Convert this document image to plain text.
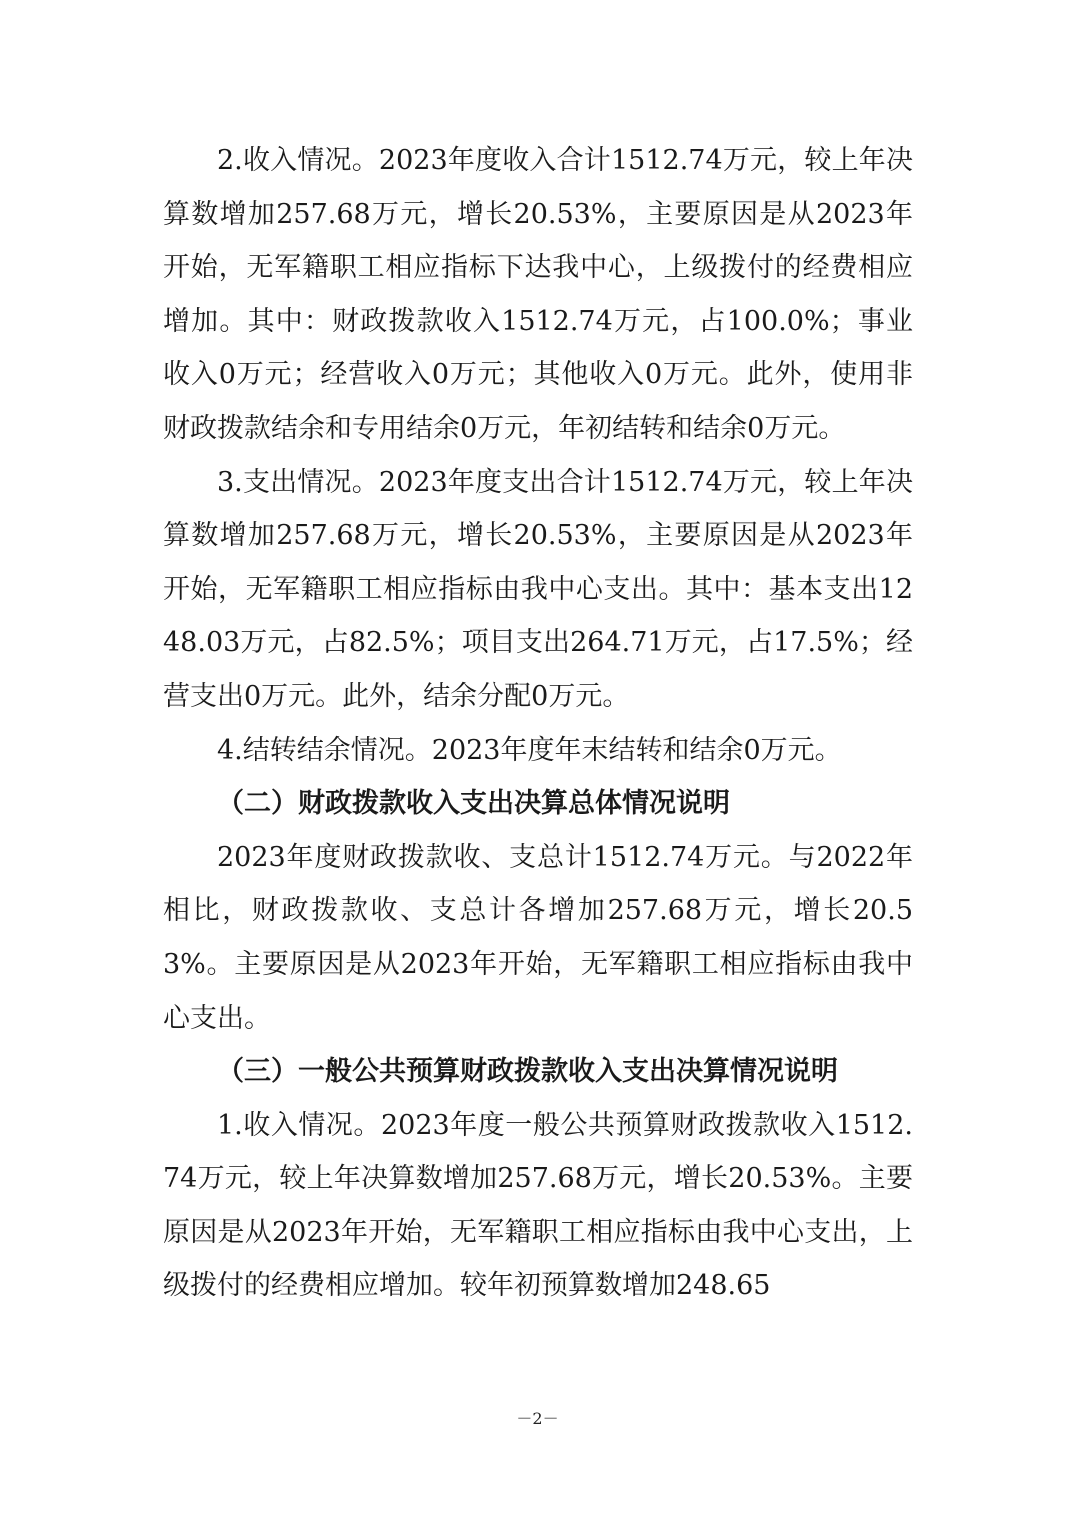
2.收入情况。2023年度收入合计1512.74万元，较上年决算数增加257.68万元，增长20.53%，主要原因是从2023年开始，无军籍职工相应指标下达我中心，上级拨付的经费相应增加。其中：财政拨款收入1512.74万元，占100.0%；事业收入0万元；经营收入0万元；其他收入0万元。此外，使用非财政拨款结余和专用结余0万元，年初结转和结余0万元。

3.支出情况。2023年度支出合计1512.74万元，较上年决算数增加257.68万元，增长20.53%，主要原因是从2023年开始，无军籍职工相应指标由我中心支出。其中：基本支出1248.03万元，占82.5%；项目支出264.71万元，占17.5%；经营支出0万元。此外，结余分配0万元。

4.结转结余情况。2023年度年末结转和结余0万元。

（二）财政拨款收入支出决算总体情况说明

2023年度财政拨款收、支总计1512.74万元。与2022年相比，财政拨款收、支总计各增加257.68万元，增长20.53%。主要原因是从2023年开始，无军籍职工相应指标由我中心支出。

（三）一般公共预算财政拨款收入支出决算情况说明

1.收入情况。2023年度一般公共预算财政拨款收入1512.74万元，较上年决算数增加257.68万元，增长20.53%。主要原因是从2023年开始，无军籍职工相应指标由我中心支出，上级拨付的经费相应增加。较年初预算数增加248.65

－2－
